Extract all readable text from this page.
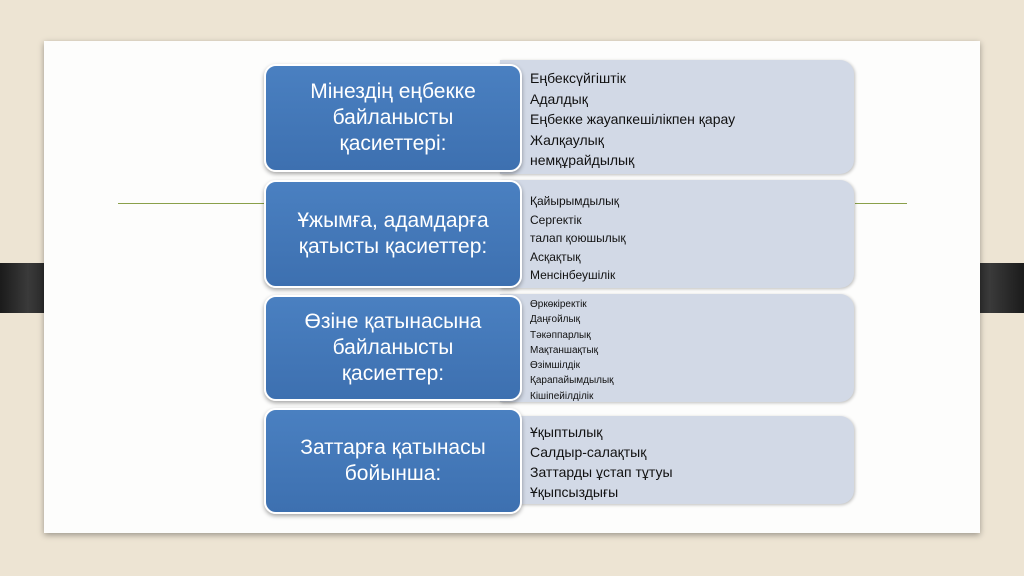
• Еңбексүйгіштік
• Адалдық
• Еңбекке жауапкешілікпен қарау
• Жалқаулық
• немқұрайдылық
Мінездің еңбекке байланысты қасиеттері:
• Қайырымдылық
• Сергектік
• талап қоюшылық
• Асқақтық
• Менсінбеушілік
Ұжымға, адамдарға қатысты қасиеттер:
• Өркөкіректік
• Даңғойлық
• Тәкәппарлық
• Мақтаншақтық
• Өзімшілдік
• Қарапайымдылық
• Кішіпейілділік
Өзіне қатынасына байланысты қасиеттер:
• Ұқыптылық
• Салдыр-салақтық
• Заттарды ұстап тұтуы
• Ұқыпсыздығы
Заттарға қатынасы бойынша:
